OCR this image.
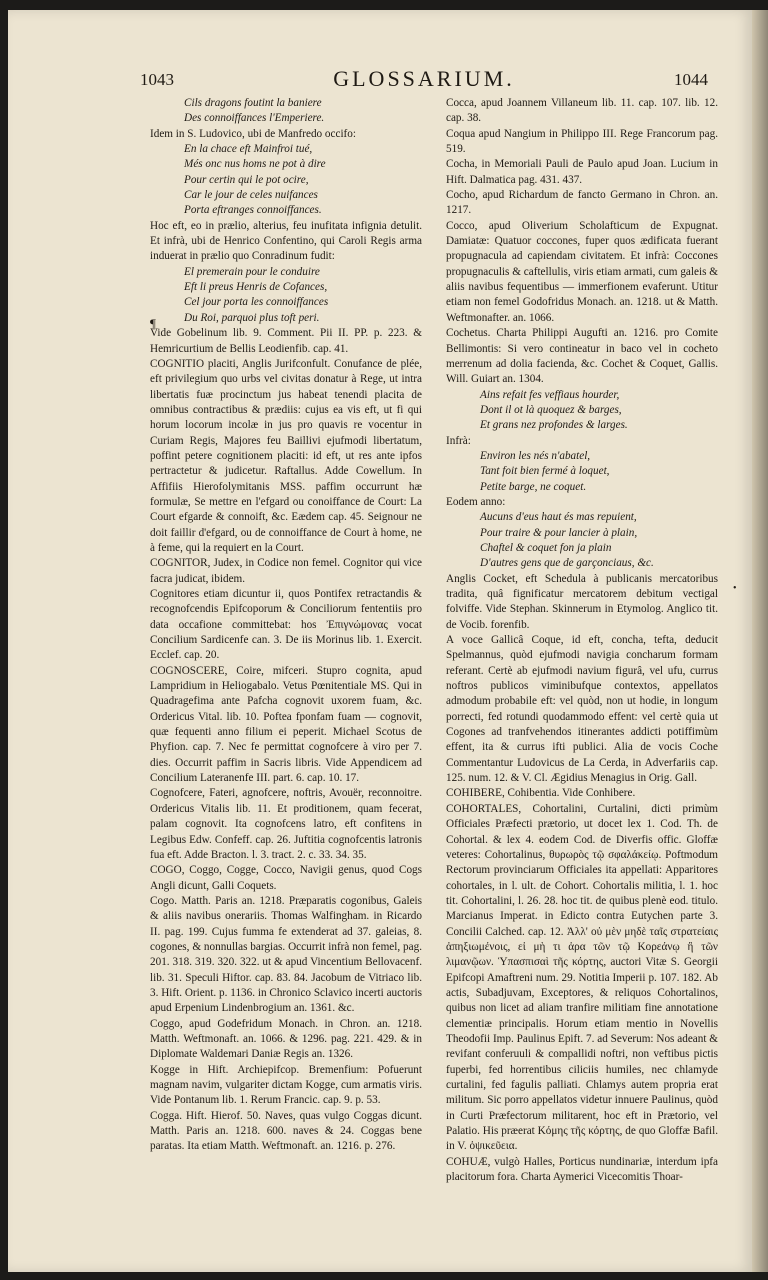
1043	GLOSSARIUM.	1044

Cils dragons foutint la baniere

Des connoiffances l'Emperiere.

Idem in S. Ludovico, ubi de Manfredo occifo:

En la chace eft Mainfroi tué,

Més onc nus homs ne pot à dire

Pour certin qui le pot ocire,

Car le jour de celes nuifances

Porta eftranges connoiffances.

Hoc eft, eo in prælio, alterius, feu inufitata infignia detulit. Et infrà, ubi de Henrico Confentino, qui Caroli Regis arma induerat in prælio quo Conradinum fudit:

El premerain pour le conduire

Eft li preus Henris de Cofances,

Cel jour porta les connoiffances

Du Roi, parquoi plus toft peri.

Vide Gobelinum lib. 9. Comment. Pii II. PP. p. 223. & Hemricurtium de Bellis Leodienfib. cap. 41.

COGNITIO placiti, Anglis Jurifconfult. Conufance de plée, eft privilegium quo urbs vel civitas donatur à Rege, ut intra libertatis fuæ procinctum jus habeat tenendi placita de omnibus contractibus & prædiis: cujus ea vis eft, ut fi qui horum locorum incolæ in jus pro quavis re vocentur in Curiam Regis, Majores feu Baillivi ejufmodi libertatum, poffint petere cognitionem placiti: id eft, ut res ante ipfos pertractetur & judicetur. Raftallus. Adde Cowellum. In Affifiis Hierofolymitanis MSS. paffim occurrunt hæ formulæ, Se mettre en l'efgard ou conoiffance de Court: La Court efgarde & connoift, &c. Eædem cap. 45. Seignour ne doit faillir d'efgard, ou de connoiffance de Court à home, ne à feme, qui la requiert en la Court.

COGNITOR, Judex, in Codice non femel. Cognitor qui vice facra judicat, ibidem.

Cognitores etiam dicuntur ii, quos Pontifex retractandis & recognofcendis Epifcoporum & Conciliorum fententiis pro data occafione committebat: hos Ἐπιγνώμονας vocat Concilium Sardicenfe can. 3. De iis Morinus lib. 1. Exercit. Ecclef. cap. 20.

COGNOSCERE, Coire, mifceri. Stupro cognita, apud Lampridium in Heliogabalo. Vetus Pœnitentiale MS. Qui in Quadragefima ante Pafcha cognovit uxorem fuam, &c. Ordericus Vital. lib. 10. Poftea fponfam fuam — cognovit, quæ fequenti anno filium ei peperit. Michael Scotus de Phyfion. cap. 7. Nec fe permittat cognofcere à viro per 7. dies. Occurrit paffim in Sacris libris. Vide Appendicem ad Concilium Lateranenfe III. part. 6. cap. 10. 17.

Cognofcere, Fateri, agnofcere, noftris, Avouër, reconnoitre. Ordericus Vitalis lib. 11. Et proditionem, quam fecerat, palam cognovit. Ita cognofcens latro, eft confitens in Legibus Edw. Confeff. cap. 26. Juftitia cognofcentis latronis fua eft. Adde Bracton. l. 3. tract. 2. c. 33. 34. 35.

COGO, Coggo, Cogge, Cocco, Navigii genus, quod Cogs Angli dicunt, Galli Coquets.

Cogo. Matth. Paris an. 1218. Præparatis cogonibus, Galeis & aliis navibus onerariis. Thomas Walfingham. in Ricardo II. pag. 199. Cujus fumma fe extenderat ad 37. galeias, 8. cogones, & nonnullas bargias. Occurrit infrà non femel, pag. 201. 318. 319. 320. 322. ut & apud Vincentium Bellovacenf. lib. 31. Speculi Hiftor. cap. 83. 84. Jacobum de Vitriaco lib. 3. Hift. Orient. p. 1136. in Chronico Sclavico incerti auctoris apud Erpenium Lindenbrogium an. 1361. &c.

Coggo, apud Godefridum Monach. in Chron. an. 1218. Matth. Weftmonaft. an. 1066. & 1296. pag. 221. 429. & in Diplomate Waldemari Daniæ Regis an. 1326.

Kogge in Hift. Archiepifcop. Bremenfium: Pofuerunt magnam navim, vulgariter dictam Kogge, cum armatis viris. Vide Pontanum lib. 1. Rerum Francic. cap. 9. p. 53.

Cogga. Hift. Hierof. 50. Naves, quas vulgo Coggas dicunt. Matth. Paris an. 1218. 600. naves & 24. Coggas bene paratas. Ita etiam Matth. Weftmonaft. an. 1216. p. 276.

Cocca, apud Joannem Villaneum lib. 11. cap. 107. lib. 12. cap. 38.

Coqua apud Nangium in Philippo III. Rege Francorum pag. 519.

Cocha, in Memoriali Pauli de Paulo apud Joan. Lucium in Hift. Dalmatica pag. 431. 437.

Cocho, apud Richardum de fancto Germano in Chron. an. 1217.

Cocco, apud Oliverium Scholafticum de Expugnat. Damiatæ: Quatuor coccones, fuper quos ædificata fuerant propugnacula ad capiendam civitatem. Et infrà: Coccones propugnaculis & caftellulis, viris etiam armati, cum galeis & aliis navibus fequentibus — immerfionem evaferunt. Utitur etiam non femel Godofridus Monach. an. 1218. ut & Matth. Weftmonafter. an. 1066.

Cochetus. Charta Philippi Augufti an. 1216. pro Comite Bellimontis: Si vero contineatur in baco vel in cocheto merrenum ad dolia facienda, &c. Cochet & Coquet, Gallis. Will. Guiart an. 1304.

Ains refait fes veffiaus hourder,

Dont il ot là quoquez & barges,

Et grans nez profondes & larges.

Infrà:

Environ les nés n'abatel,

Tant foit bien fermé à loquet,

Petite barge, ne coquet.

Eodem anno:

Aucuns d'eus haut és mas repuient,

Pour traire & pour lancier à plain,

Chaftel & coquet fon ja plain

D'autres gens que de garçonciaus, &c.

Anglis Cocket, eft Schedula à publicanis mercatoribus tradita, quâ fignificatur mercatorem debitum vectigal folviffe. Vide Stephan. Skinnerum in Etymolog. Anglico tit. de Vocib. forenfib.

A voce Gallicâ Coque, id eft, concha, tefta, deducit Spelmannus, quòd ejufmodi navigia concharum formam referant. Certè ab ejufmodi navium figurâ, vel ufu, currus noftros publicos viminibufque contextos, appellatos admodum probabile eft: vel quòd, non ut hodie, in longum porrecti, fed rotundi quodammodo effent: vel certè quia ut Cogones ad tranfvehendos itinerantes addicti potiffimùm effent, ita & currus ifti publici. Alia de vocis Coche Commentantur Ludovicus de La Cerda, in Adverfariis cap. 125. num. 12. & V. Cl. Ægidius Menagius in Orig. Gall.

COHIBERE, Cohibentia. Vide Conhibere.

COHORTALES, Cohortalini, Curtalini, dicti primùm Officiales Præfecti prætorio, ut docet lex 1. Cod. Th. de Cohortal. & lex 4. eodem Cod. de Diverfis offic. Gloffæ veteres: Cohortalinus, θυρωρὸς τῷ σφαλάκείῳ. Poftmodum Rectorum provinciarum Officiales ita appellati: Apparitores cohortales, in l. ult. de Cohort. Cohortalis militia, l. 1. hoc tit. Cohortalini, l. 26. 28. hoc tit. de quibus plenè eod. titulo. Marcianus Imperat. in Edicto contra Eutychen parte 3. Concilii Calched. cap. 12. Ἀλλ' οὐ μὲν μηδὲ ταῖς στρατείαις ἀπηξιωμένοις, εἰ μὴ τι ἀρα τῶν τῷ Κορεάνῳ ἢ τῶν λιμανῷων. Ὑπασπισαὶ τῆς κόρτης, auctori Vitæ S. Georgii Epifcopi Amaftreni num. 29. Notitia Imperii p. 107. 182. Ab actis, Subadjuvam, Exceptores, & reliquos Cohortalinos, quibus non licet ad aliam tranfire militiam fine annotatione clementiæ principalis. Horum etiam mentio in Novellis Theodofii Imp. Paulinus Epift. 7. ad Severum: Nos adeant & revifant conferuuli & compallidi noftri, non veftibus pictis fuperbi, fed horrentibus ciliciis humiles, nec chlamyde curtalini, fed fagulis palliati. Chlamys autem propria erat militum. Sic porro appellatos videtur innuere Paulinus, quòd in Curti Præfectorum militarent, hoc eft in Prætorio, vel Palatio. His præerat Κόμης τῆς κόρτης, de quo Gloffæ Bafil. in V. ὀψικεῦεια.

COHUÆ, vulgò Halles, Porticus nundinariæ, interdum ipfa placitorum fora. Charta Aymerici Vicecomitis Thoar-

¶
•
